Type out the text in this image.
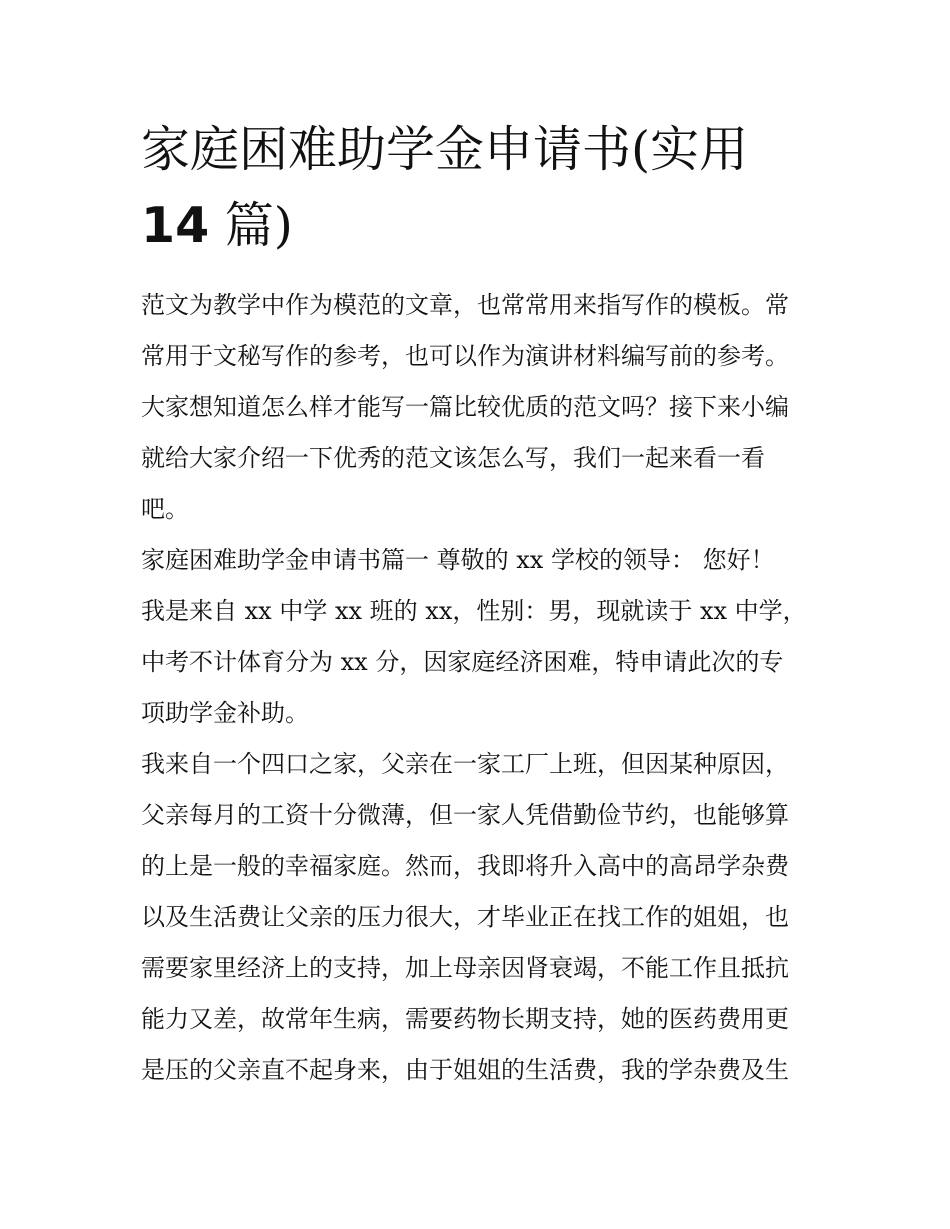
家庭困难助学金申请书(实用
14 篇)
范文为教学中作为模范的文章，也常常用来指写作的模板。常
常用于文秘写作的参考，也可以作为演讲材料编写前的参考。
大家想知道怎么样才能写一篇比较优质的范文吗？接下来小编
就给大家介绍一下优秀的范文该怎么写，我们一起来看一看
吧。
家庭困难助学金申请书篇一 尊敬的 xx 学校的领导： 您好！
我是来自 xx 中学 xx 班的 xx，性别：男，现就读于 xx 中学，
中考不计体育分为 xx 分，因家庭经济困难，特申请此次的专
项助学金补助。
我来自一个四口之家，父亲在一家工厂上班，但因某种原因，
父亲每月的工资十分微薄，但一家人凭借勤俭节约，也能够算
的上是一般的幸福家庭。然而，我即将升入高中的高昂学杂费
以及生活费让父亲的压力很大，才毕业正在找工作的姐姐，也
需要家里经济上的支持，加上母亲因肾衰竭，不能工作且抵抗
能力又差，故常年生病，需要药物长期支持，她的医药费用更
是压的父亲直不起身来，由于姐姐的生活费，我的学杂费及生
